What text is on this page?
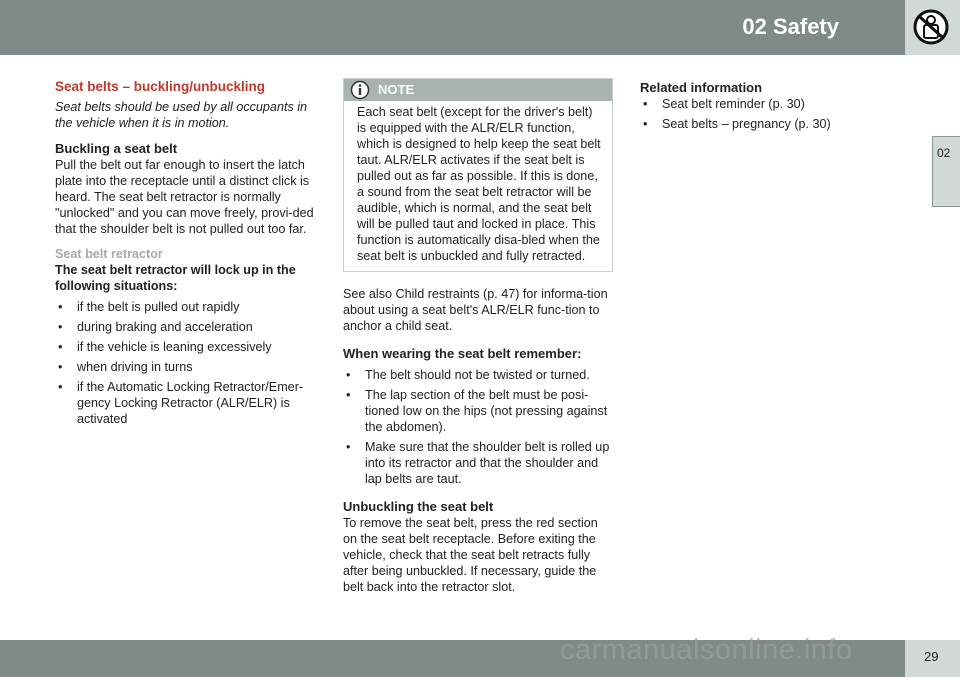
02 Safety
02
Seat belts – buckling/unbuckling
Seat belts should be used by all occupants in the vehicle when it is in motion.
Buckling a seat belt

Pull the belt out far enough to insert the latch plate into the receptacle until a distinct click is heard. The seat belt retractor is normally "unlocked" and you can move freely, provi-ded that the shoulder belt is not pulled out too far.

Seat belt retractor

The seat belt retractor will lock up in the following situations:

• if the belt is pulled out rapidly
• during braking and acceleration
• if the vehicle is leaning excessively
• when driving in turns
• if the Automatic Locking Retractor/Emer-gency Locking Retractor (ALR/ELR) is activated
NOTE
Each seat belt (except for the driver's belt) is equipped with the ALR/ELR function, which is designed to help keep the seat belt taut. ALR/ELR activates if the seat belt is pulled out as far as possible. If this is done, a sound from the seat belt retractor will be audible, which is normal, and the seat belt will be pulled taut and locked in place. This function is automatically disa-bled when the seat belt is unbuckled and fully retracted.

See also Child restraints (p. 47) for informa-tion about using a seat belt's ALR/ELR func-tion to anchor a child seat.

When wearing the seat belt remember:
• The belt should not be twisted or turned.
• The lap section of the belt must be posi-tioned low on the hips (not pressing against the abdomen).
• Make sure that the shoulder belt is rolled up into its retractor and that the shoulder and lap belts are taut.
Unbuckling the seat belt

To remove the seat belt, press the red section on the seat belt receptacle. Before exiting the vehicle, check that the seat belt retracts fully after being unbuckled. If necessary, guide the belt back into the retractor slot.

Related information
• Seat belt reminder (p. 30)
• Seat belts – pregnancy (p. 30)
29
carmanualsonline.info
